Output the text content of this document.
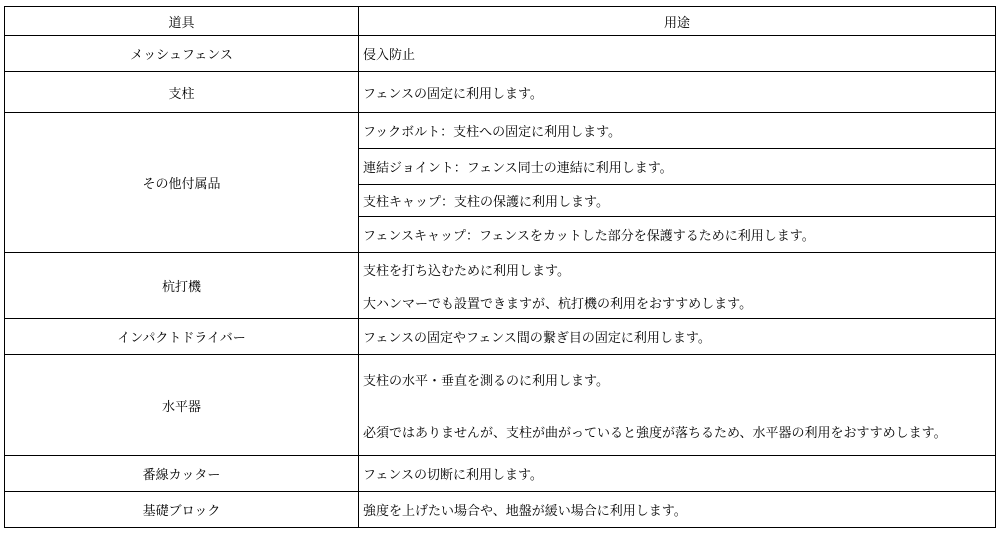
道具	用途
メッシュフェンス	侵入防止
支柱	フェンスの固定に利用します。
その他付属品	フックボルト：支柱への固定に利用します。
	連結ジョイント：フェンス同士の連結に利用します。
	支柱キャップ：支柱の保護に利用します。
	フェンスキャップ：フェンスをカットした部分を保護するために利用します。
杭打機	支柱を打ち込むために利用します。
大ハンマーでも設置できますが、杭打機の利用をおすすめします。

インパクトドライバー	フェンスの固定やフェンス間の繋ぎ目の固定に利用します。
水平器	支柱の水平・垂直を測るのに利用します。
必須ではありませんが、支柱が曲がっていると強度が落ちるため、水平器の利用をおすすめします。

番線カッター	フェンスの切断に利用します。
基礎ブロック	強度を上げたい場合や、地盤が緩い場合に利用します。
